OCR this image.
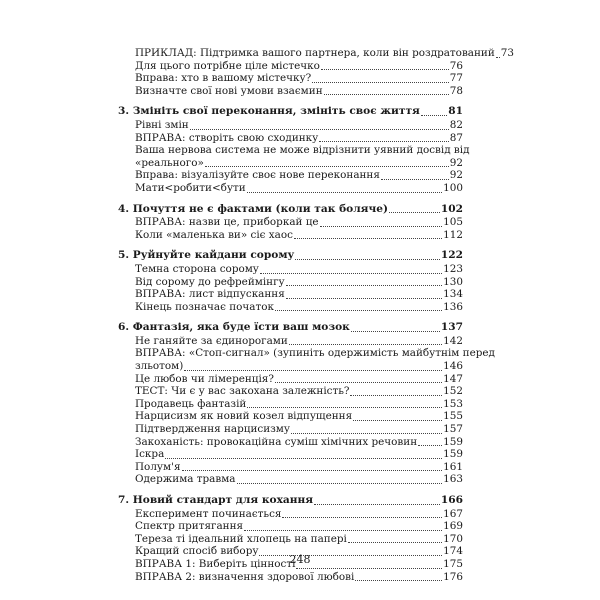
ПРИКЛАД: Підтримка вашого партнера, коли він роздратований 73
Для цього потрібне ціле містечко	76
Вправа: хто в вашому містечку?	77
Визначте свої нові умови взаємин	78
3. Змініть свої переконання, змініть своє життя	81
Рівні змін	82
ВПРАВА: створіть свою сходинку	87
Ваша нервова система не може відрізнити уявний досвід від
«реального»	92
Вправа: візуалізуйте своє нове переконання	92
Мати<робити<бути	100
4. Почуття не є фактами (коли так боляче)	102
ВПРАВА: назви це, приборкай це	105
Коли «маленька ви» сіє хаос	112
5. Руйнуйте кайдани сорому	122
Темна сторона сорому	123
Від сорому до рефреймінгу	130
ВПРАВА: лист відпускання	134
Кінець позначає початок	136
6. Фантазія, яка буде їсти ваш мозок	137
Не ганяйте за єдинорогами	142
ВПРАВА: «Стоп-сигнал» (зупиніть одержимість майбутнім перед
зльотом)	146
Це любов чи лімеренція?	147
ТЕСТ: Чи є у вас закохана залежність?	152
Продавець фантазій	153
Нарцисизм як новий козел відпущення	155
Підтвердження нарцисизму	157
Закоханість: провокаційна суміш хімічних речовин	159
Іскра	159
Полум'я	161
Одержима травма	163
7. Новий стандарт для кохання	166
Експеримент починається	167
Спектр притягання	169
Тереза ті ідеальний хлопець на папері	170
Кращий спосіб вибору	174
ВПРАВА 1: Виберіть цінності	175
ВПРАВА 2: визначення здорової любові	176
248
